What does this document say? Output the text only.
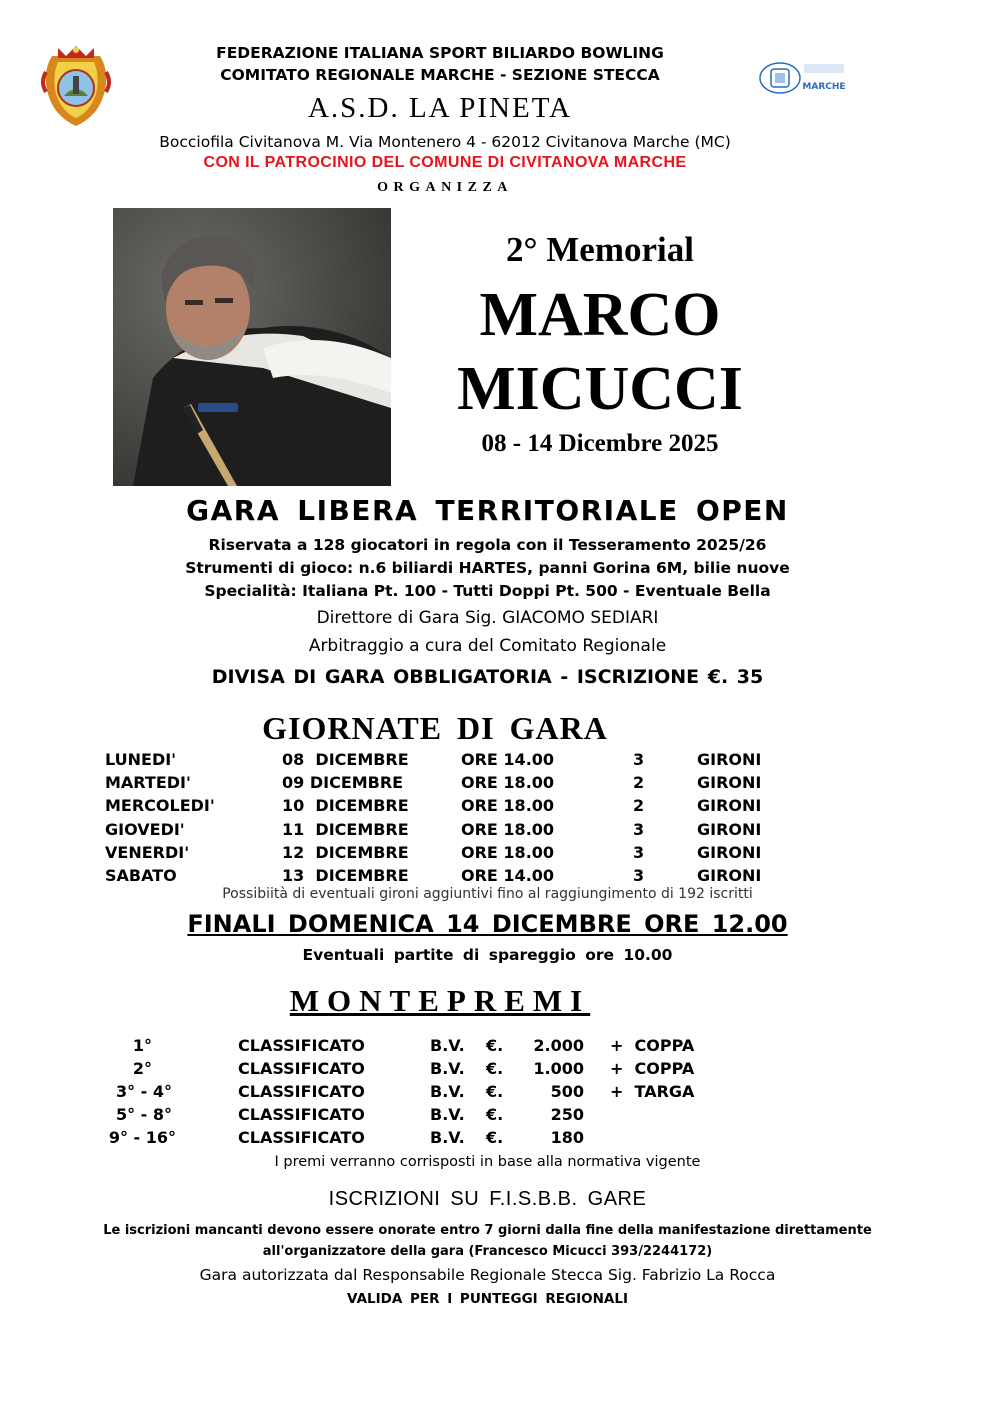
MARCHE
FEDERAZIONE ITALIANA SPORT BILIARDO BOWLING
COMITATO REGIONALE MARCHE - SEZIONE STECCA
A.S.D. LA PINETA
Bocciofila Civitanova M. Via Montenero 4 - 62012 Civitanova Marche (MC)
CON IL PATROCINIO DEL COMUNE DI CIVITANOVA MARCHE
ORGANIZZA
2° Memorial
MARCO
MICUCCI
08 - 14 Dicembre 2025
GARA LIBERA TERRITORIALE OPEN
Riservata a 128 giocatori in regola con il Tesseramento 2025/26
Strumenti di gioco: n.6 biliardi HARTES, panni Gorina 6M, bilie nuove
Specialità: Italiana Pt. 100 - Tutti Doppi Pt. 500 - Eventuale Bella
Direttore di Gara Sig. GIACOMO SEDIARI
Arbitraggio a cura del Comitato Regionale
DIVISA DI GARA OBBLIGATORIA - ISCRIZIONE €. 35
GIORNATE DI GARA
LUNEDI'	08  DICEMBRE	ORE 14.00	3	GIRONI
MARTEDI'	09 DICEMBRE	ORE 18.00	2	GIRONI
MERCOLEDI'	10  DICEMBRE	ORE 18.00	2	GIRONI
GIOVEDI'	11  DICEMBRE	ORE 18.00	3	GIRONI
VENERDI'	12  DICEMBRE	ORE 18.00	3	GIRONI
SABATO	13  DICEMBRE	ORE 14.00	3	GIRONI
Possibiità di eventuali gironi aggiuntivi fino al raggiungimento di 192 iscritti
FINALI DOMENICA 14 DICEMBRE ORE 12.00
Eventuali partite di spareggio ore 10.00
MONTEPREMI
1°	CLASSIFICATO	B.V. €.	2.000 +  COPPA
2°	CLASSIFICATO	B.V. €.	1.000 +  COPPA
3° - 4°	CLASSIFICATO	B.V. €.	500 +  TARGA
5° - 8°	CLASSIFICATO	B.V. €.	250
9° - 16°	CLASSIFICATO	B.V. €.	180
I premi verranno corrisposti in base alla normativa vigente
ISCRIZIONI SU F.I.S.B.B. GARE
Le iscrizioni mancanti devono essere onorate entro 7 giorni dalla fine della manifestazione direttamente
all'organizzatore della gara (Francesco Micucci 393/2244172)
Gara autorizzata dal Responsabile Regionale Stecca Sig. Fabrizio La Rocca
VALIDA PER I PUNTEGGI REGIONALI
